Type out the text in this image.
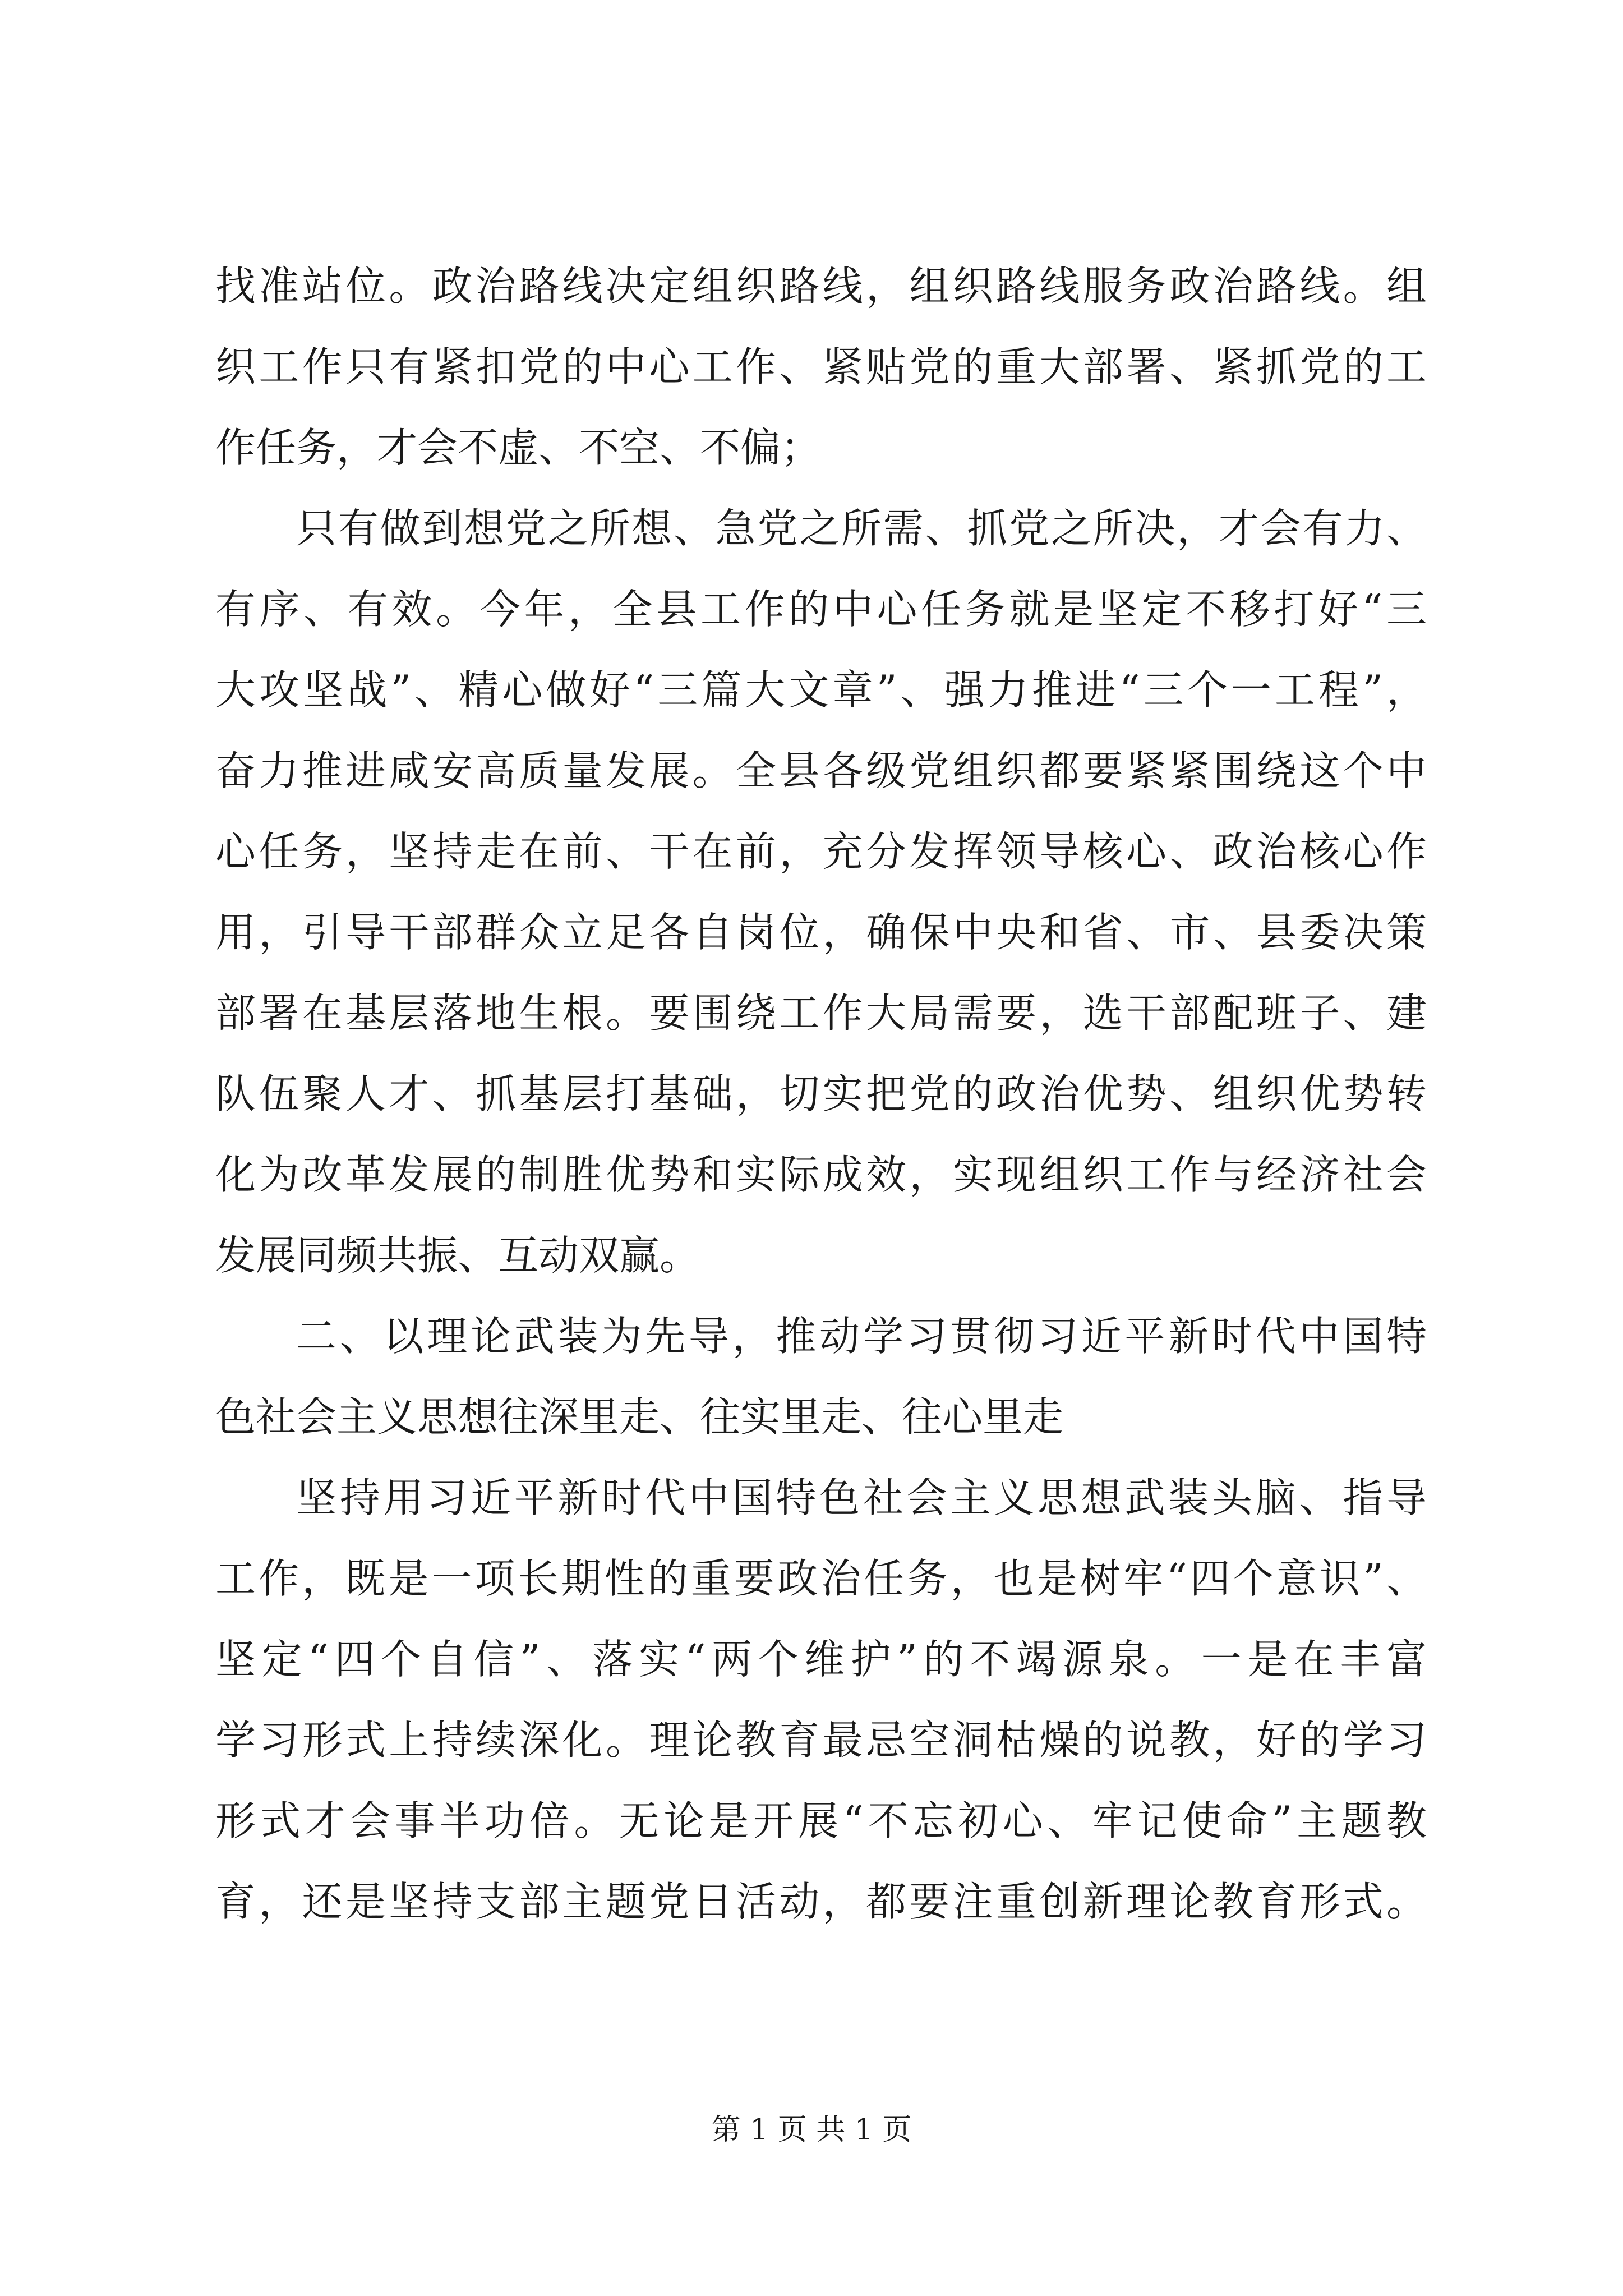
找准站位。政治路线决定组织路线，组织路线服务政治路线。组
织工作只有紧扣党的中心工作、紧贴党的重大部署、紧抓党的工
作任务，才会不虚、不空、不偏；
只有做到想党之所想、急党之所需、抓党之所决，才会有力、
有序、有效。今年，全县工作的中心任务就是坚定不移打好“三
大攻坚战”、精心做好“三篇大文章”、强力推进“三个一工程”，
奋力推进咸安高质量发展。全县各级党组织都要紧紧围绕这个中
心任务，坚持走在前、干在前，充分发挥领导核心、政治核心作
用，引导干部群众立足各自岗位，确保中央和省、市、县委决策
部署在基层落地生根。要围绕工作大局需要，选干部配班子、建
队伍聚人才、抓基层打基础，切实把党的政治优势、组织优势转
化为改革发展的制胜优势和实际成效，实现组织工作与经济社会
发展同频共振、互动双赢。
二、以理论武装为先导，推动学习贯彻习近平新时代中国特
色社会主义思想往深里走、往实里走、往心里走
坚持用习近平新时代中国特色社会主义思想武装头脑、指导
工作，既是一项长期性的重要政治任务，也是树牢“四个意识”、
坚定“四个自信”、落实“两个维护”的不竭源泉。一是在丰富
学习形式上持续深化。理论教育最忌空洞枯燥的说教，好的学习
形式才会事半功倍。无论是开展“不忘初心、牢记使命”主题教
育，还是坚持支部主题党日活动，都要注重创新理论教育形式。
第 1 页 共 1 页
